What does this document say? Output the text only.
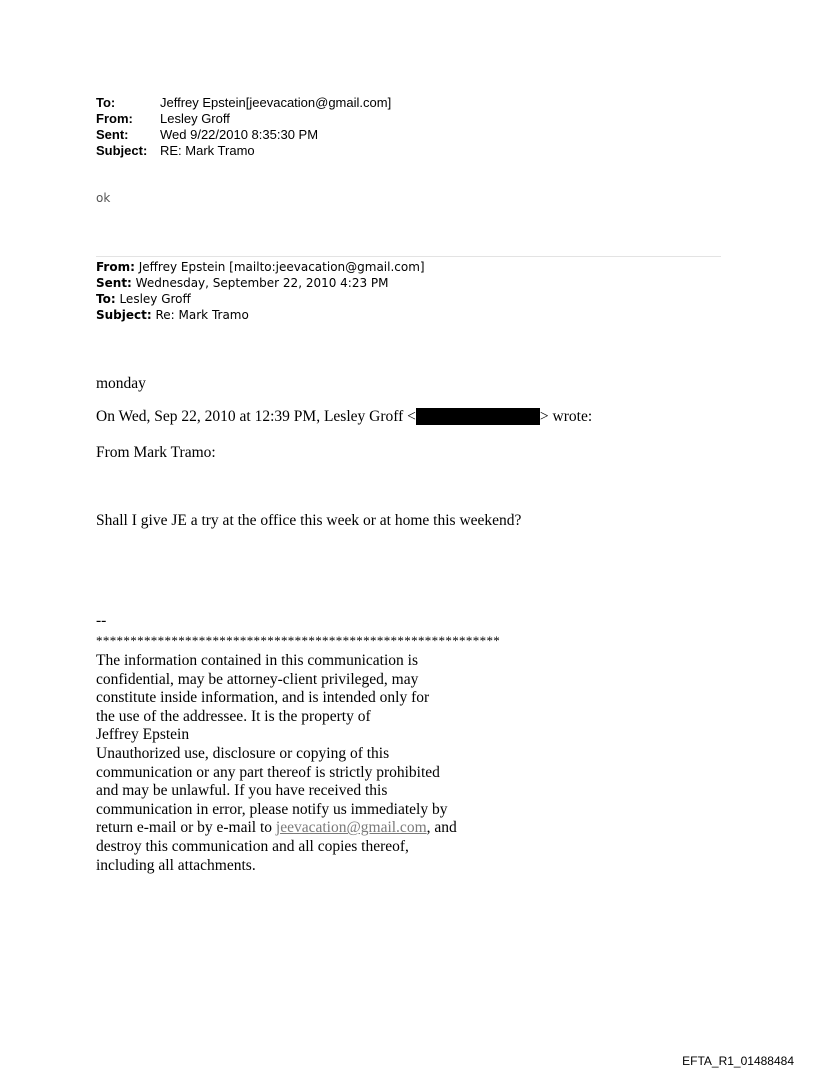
To:	Jeffrey Epstein[jeevacation@gmail.com]
From:	Lesley Groff
Sent:	Wed 9/22/2010 8:35:30 PM
Subject: RE: Mark Tramo
ok
From: Jeffrey Epstein [mailto:jeevacation@gmail.com]
Sent: Wednesday, September 22, 2010 4:23 PM
To: Lesley Groff
Subject: Re: Mark Tramo
monday
On Wed, Sep 22, 2010 at 12:39 PM, Lesley Groff <	> wrote:
From Mark Tramo:
Shall I give JE a try at the office this week or at home this weekend?
--
***********************************************************
The information contained in this communication is
confidential, may be attorney-client privileged, may
constitute inside information, and is intended only for
the use of the addressee. It is the property of
Jeffrey Epstein
Unauthorized use, disclosure or copying of this
communication or any part thereof is strictly prohibited
and may be unlawful. If you have received this
communication in error, please notify us immediately by
return e-mail or by e-mail to jeevacation@gmail.com, and
destroy this communication and all copies thereof,
including all attachments.
EFTA_R1_01488484
